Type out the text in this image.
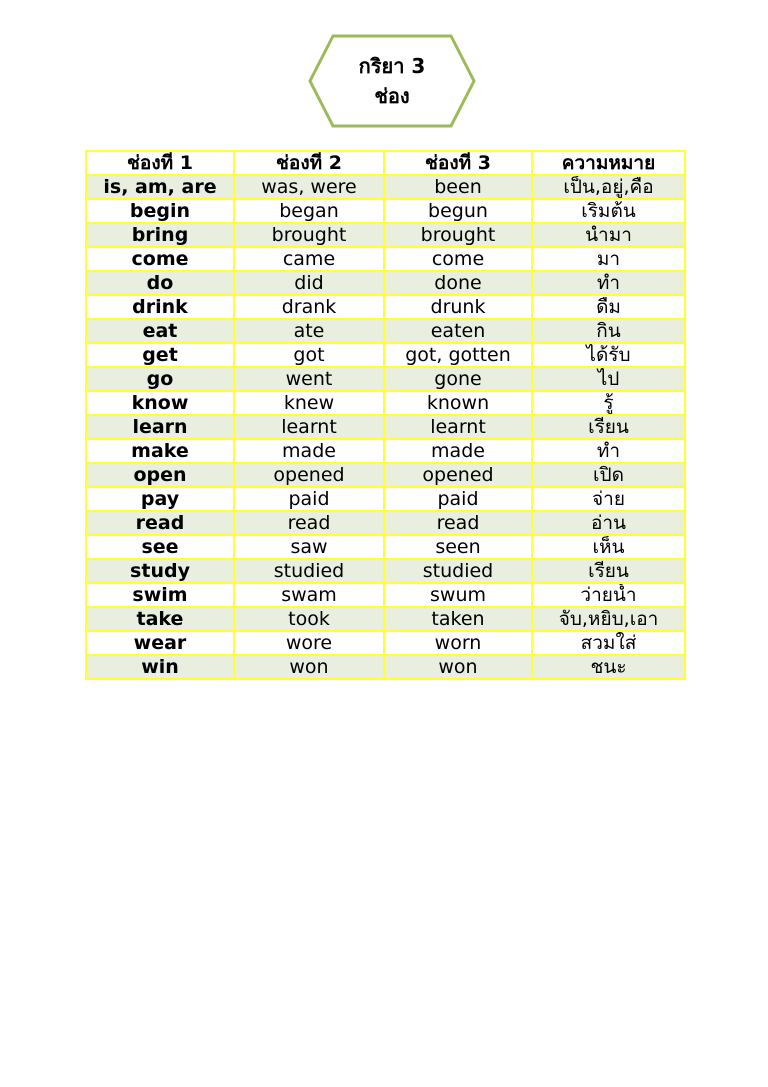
กริยา 3
ช่อง
ช่องที่ 1	ช่องที่ 2	ช่องที่ 3	ความหมาย
is, am, are	was, were	been	เป็น,อยู่,คือ
begin	began	begun	เริ่มต้น
bring	brought	brought	นำมา
come	came	come	มา
do	did	done	ทำ
drink	drank	drunk	ดื่ม
eat	ate	eaten	กิน
get	got	got, gotten	ได้รับ
go	went	gone	ไป
know	knew	known	รู้
learn	learnt	learnt	เรียน
make	made	made	ทำ
open	opened	opened	เปิด
pay	paid	paid	จ่าย
read	read	read	อ่าน
see	saw	seen	เห็น
study	studied	studied	เรียน
swim	swam	swum	ว่ายน้ำ
take	took	taken	จับ,หยิบ,เอา
wear	wore	worn	สวมใส่
win	won	won	ชนะ
